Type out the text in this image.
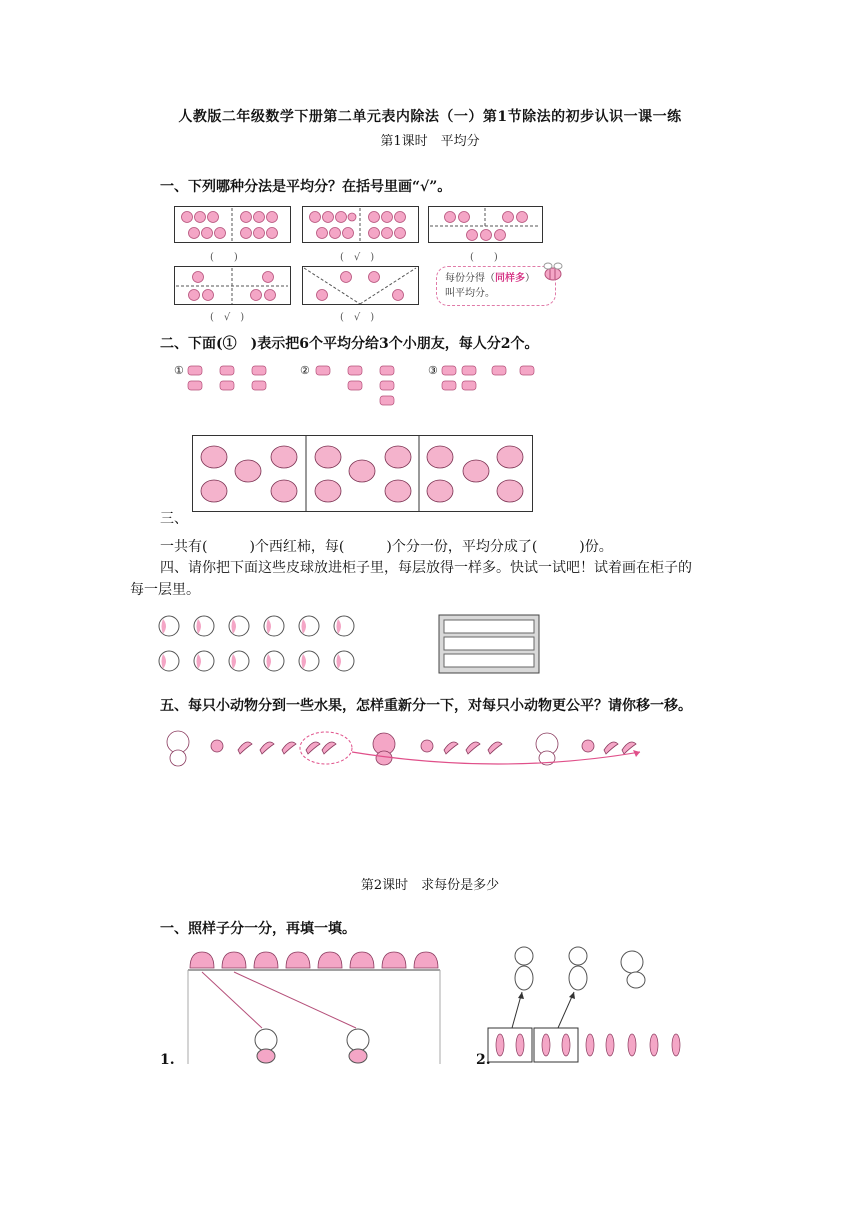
人教版二年级数学下册第二单元表内除法（一）第1节除法的初步认识一课一练
第1课时　平均分
一、下列哪种分法是平均分？在括号里画“√”。
(　　)	(　√　)	(　　)
每份分得（同样多）
叫平均分。
(　√　)	(　√　)
二、下面(①　)表示把6个平均分给3个小朋友，每人分2个。
①	②	③
三、
一共有(　　　)个西红柿，每(　　　)个分一份，平均分成了(　　　)份。
四、请你把下面这些皮球放进柜子里，每层放得一样多。快试一试吧！试着画在柜子的
每一层里。
五、每只小动物分到一些水果，怎样重新分一下，对每只小动物更公平？请你移一移。
第2课时　求每份是多少
一、照样子分一分，再填一填。
1.	2.
